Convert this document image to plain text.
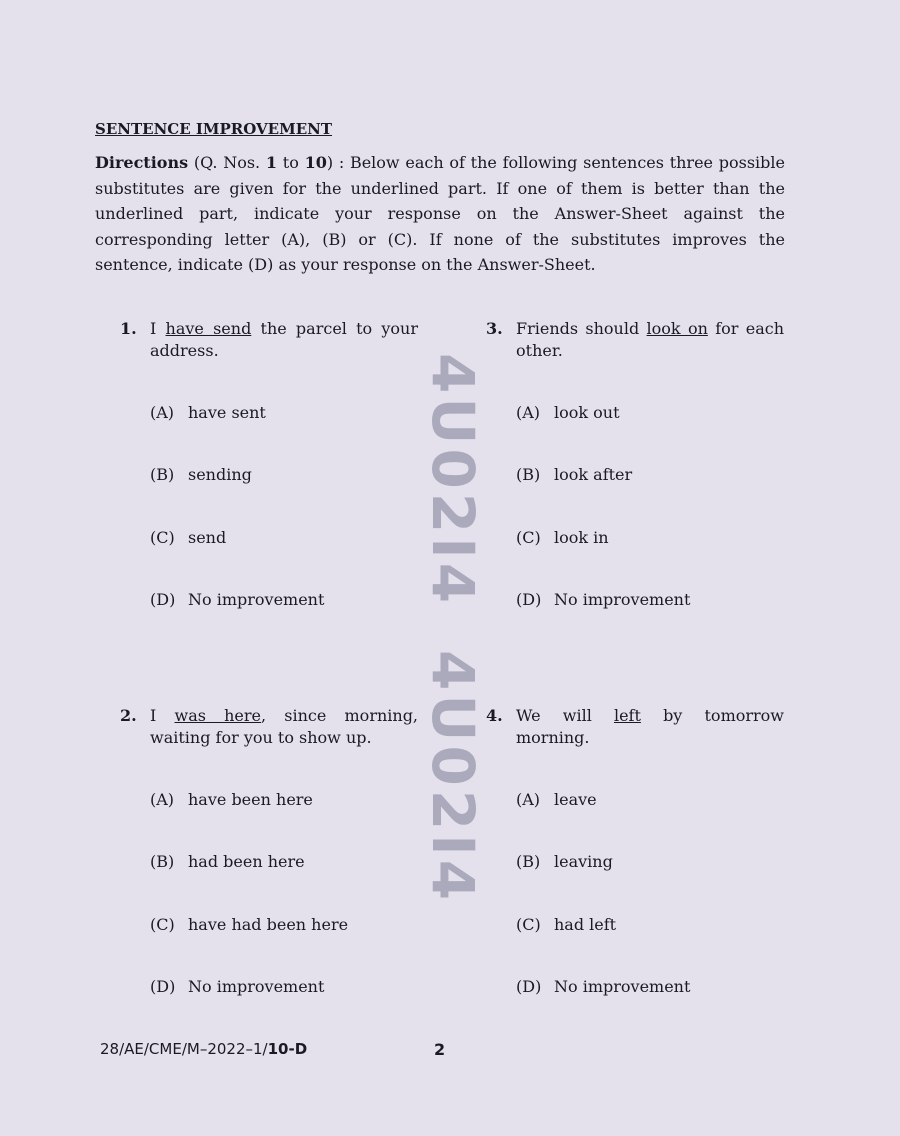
4U02I4
4U02I4
SENTENCE IMPROVEMENT
Directions (Q. Nos. 1 to 10) : Below each of the following sentences three possible substitutes are given for the underlined part. If one of them is better than the underlined part, indicate your response on the Answer-Sheet against the corresponding letter (A), (B) or (C). If none of the substitutes improves the sentence, indicate (D) as your response on the Answer-Sheet.
1. I have send the parcel to your address.
(A) have sent
(B) sending
(C) send
(D) No improvement
3. Friends should look on for each other.
(A) look out
(B) look after
(C) look in
(D) No improvement
2. I was here, since morning, waiting for you to show up.
(A) have been here
(B) had been here
(C) have had been here
(D) No improvement
4. We will left by tomorrow morning.
(A) leave
(B) leaving
(C) had left
(D) No improvement
28/AE/CME/M–2022–1/10-D	2
